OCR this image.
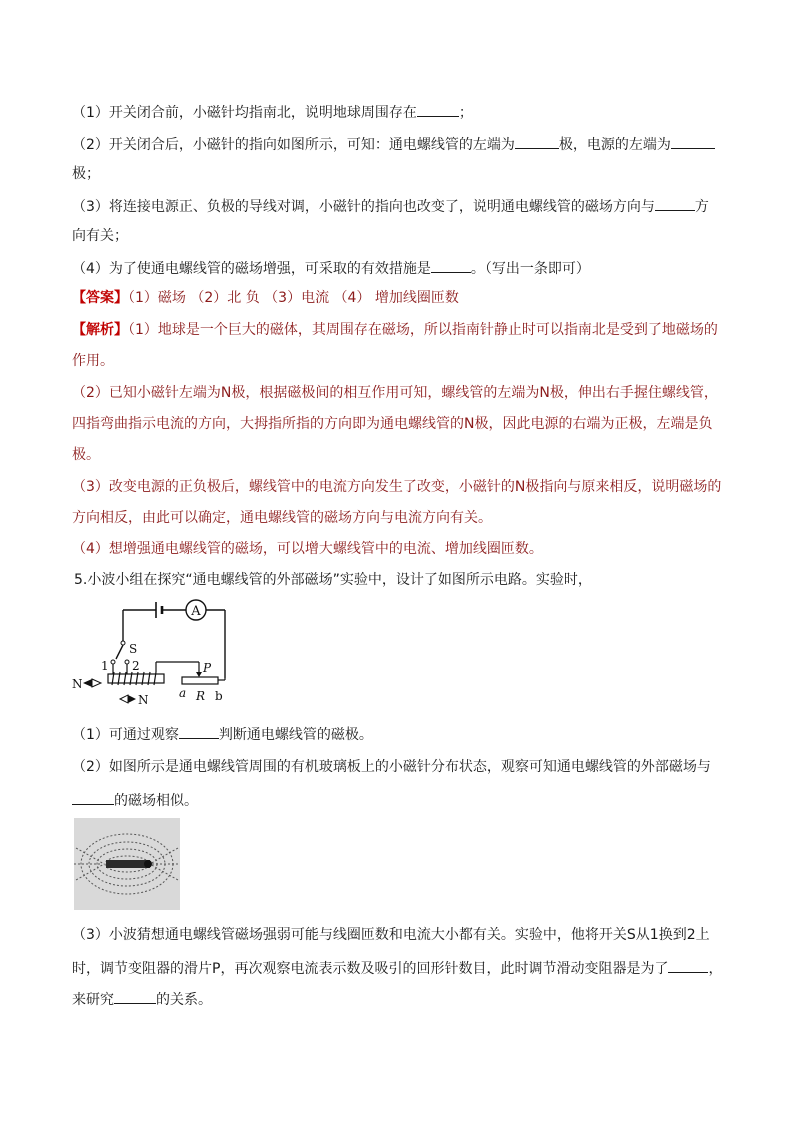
（1）开关闭合前，小磁针均指南北，说明地球周围存在	；
（2）开关闭合后，小磁针的指向如图所示，可知：通电螺线管的左端为	极，电源的左端为
极；
（3）将连接电源正、负极的导线对调，小磁针的指向也改变了，说明通电螺线管的磁场方向与	方
向有关；
（4）为了使通电螺线管的磁场增强，可采取的有效措施是	。（写出一条即可）
【答案】（1）磁场 （2）北 负 （3）电流 （4） 增加线圈匝数
【解析】（1）地球是一个巨大的磁体，其周围存在磁场，所以指南针静止时可以指南北是受到了地磁场的
作用。
（2）已知小磁针左端为N极，根据磁极间的相互作用可知，螺线管的左端为N极，伸出右手握住螺线管，
四指弯曲指示电流的方向，大拇指所指的方向即为通电螺线管的N极，因此电源的右端为正极，左端是负
极。
（3）改变电源的正负极后，螺线管中的电流方向发生了改变，小磁针的N极指向与原来相反，说明磁场的
方向相反，由此可以确定，通电螺线管的磁场方向与电流方向有关。
（4）想增强通电螺线管的磁场，可以增大螺线管中的电流、增加线圈匝数。
5.小波小组在探究“通电螺线管的外部磁场”实验中，设计了如图所示电路。实验时，
A
S
1 2	P
a R b
N
N
（1）可通过观察	判断通电螺线管的磁极。
（2）如图所示是通电螺线管周围的有机玻璃板上的小磁针分布状态，观察可知通电螺线管的外部磁场与
的磁场相似。
（3）小波猜想通电螺线管磁场强弱可能与线圈匝数和电流大小都有关。实验中，他将开关S从1换到2上
时，调节变阻器的滑片P，再次观察电流表示数及吸引的回形针数目，此时调节滑动变阻器是为了	，
来研究	的关系。
